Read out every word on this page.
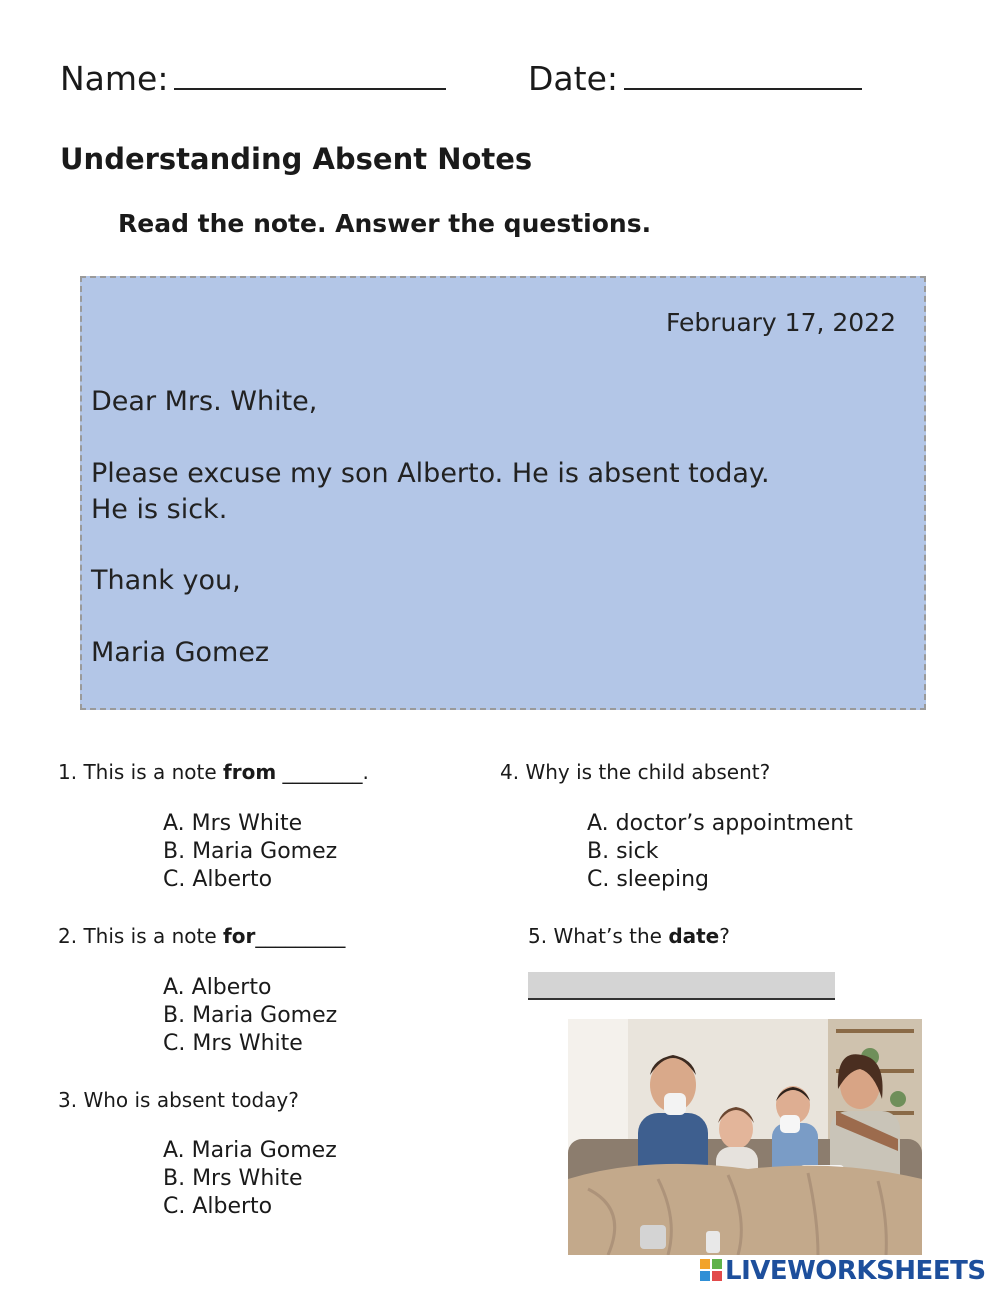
Name:	Date:
Understanding Absent Notes
Read the note. Answer the questions.
February 17, 2022
Dear Mrs. White,
Please excuse my son Alberto. He is absent today.
He is sick.
Thank you,
Maria Gomez
1. This is a note from ________.
A. Mrs White
B. Maria Gomez
C. Alberto
2. This is a note for_________
A. Alberto
B. Maria Gomez
C. Mrs White
3. Who is absent today?
A. Maria Gomez
B. Mrs White
C. Alberto
4. Why is the child absent?
A. doctor’s appointment
B. sick
C. sleeping
5. What’s the date?
LIVEWORKSHEETS
